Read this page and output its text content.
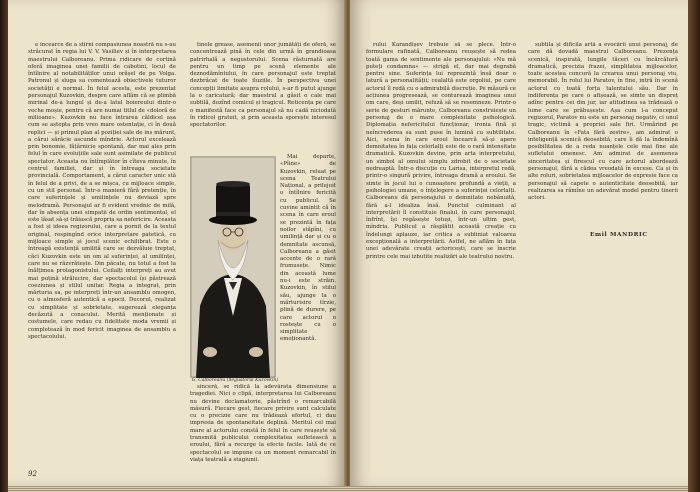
e încearce de a stîrni compasiunea noastră nu s-au străcurat în regia lui V. V. Vasiliev și în interpretarea maestrului Calboreanu. Prima ridicare de cortină oferă imaginea unei familii de cabotini, locul de întîlnire al notabilităților unui orășel de pe Volga. Patronul și sluga sa comentează obiectivele tuturor societății e normal. În felul acesta, este prezentat personajul Kuzovkin, despre care aflăm că se plimbă mirinal de-a lungul și de-a latul boiereului dintr-o veche moșie, pentru că are numai titlul de «doloră de milioane». Kuzovkin nu face întrarea căldicel așa cum se aștepta prin vreo mare ostentație, ci în două replici — și primul plan al poziției sale de ins mărunt, a cărui sărăcie ascunde mîndrie. Actorul excelează prin bonomie, fățărnicie spontană, dar mai ales prin felul în care evoluțiile sale sunt asimilate de publicul spectator. Aceasta nu întîmplător în cîteva minute, în centrul familiei, dar și în întreaga societate provincială. Comportament, a cărui caracter unic stă în felul de a privi, de a se mișca, cu mijloace simple, cu un stil personal. Într-o manieră fără pretenție, în care suferințele și umilințele nu deviază spre melodramă. Personajul ar fi evident vrednic de milă, dar în absența unei simpatii de ordin sentimental, el este lăsat să-și trăiască propria sa nefericire. Aceasta a fost și ideea regizorului, care a pornit de la textul original, respingînd orice interpretare patetică, cu mijloace simple și jocul scenic echilibrat. Este o întreagă existență umilită care se dezvăluie treptat, căci Kuzovkin este un om al suferinței, al umilinței, care nu se răzvrătește. Din păcate, nu totul a fost la înălțimea protagonistului. Ceilalți interpreți au avut mai puțină strălucire, dar spectacolul își păstrează coeziunea și stilul unitar. Regia a integrat, prin mărturia sa, pe interpreți într-un ansamblu omogen, cu o atmosferă autentică a epocii. Decorul, realizat cu simplitate și sobrietate, sugerează eleganța decăzută a conacului. Merită menționate și costumele, care redau cu fidelitate moda vremii și completează în mod fericit imaginea de ansamblu a spectacolului.

tinele grease, asemenii unor jumătăți de oferă, se concentrează pină în cele din urmă în grandioasa patrirhală a negustorului. Scena răsturnată are pentru un timp pe scenă elemente ale deznodămîntului, în care personajul este treptat dezbrăcat de toate iluziile. În perspectiva unei concepții limitate asupra rolului, s-ar fi putut ajunge la o caricatură; dar maestrul a găsit o cale mai subtilă, dozînd comicul și tragicul. Reticența pe care o manifestă face ca personajul să nu cadă niciodată în ridicol gratuit, și prin aceasta sporește interesul spectatorilor.

G. Calboreanu (negustorul Kuzovkin)

Mai departe, «Pîine» de Kuzovkin, reluat pe scena Teatrului Național, a prilejuit o întîlnire fericită cu publicul. Se cuvine amintit că în scena în care eroul se prezintă în fața noilor stăpîni, cu umilință dar și cu o demnitate ascunsă, Calboreanu a găsit accente de o rară frumusețe. Nimic din această lume nu-i este străin. Kuzovkin, în stilul său, ajunge la o mărturisire tîrzie, plină de durere, pe care actorul o rostește cu o simplitate emoționantă.

sinceră, se ridică la adevărata dimensiune a tragediei. Nici o clipă, interpretarea lui Calboreanu nu devine declamatorie, păstrînd o remarcabilă măsură. Fiecare gest, fiecare privire sunt calculate cu o precizie care nu trădează efortul, ci dau impresia de spontaneitate deplină. Meritul cel mai mare al actorului constă în felul în care reușește să transmită publicului complexitatea sufletească a eroului, fără a recurge la efecte facile. Iată de ce spectacolul se impune ca un moment remarcabil în viața teatrală a stagiunii.

92

rului Karandișev trebuie să se plece. Intr-o formulare rafinată, Calboreanu reușește să redea toată gama de sentimente ale personajului: «Nu mă puteți condamna» — strigă el, dar mai degrabă pentru sine. Suferința lui reprezintă însă doar o latură a personalității; cealaltă este orgoliul, pe care actorul îl redă cu o admirabilă discreție. Pe măsură ce acțiunea progresează, se conturează imaginea unui om care, deși umilit, refuză să se resemneze. Printr-o serie de gesturi mărunte, Calboreanu construiește un personaj de o mare complexitate psihologică. Diplomația nefericitului funcționar, ironia fină și neîncrederea sa sunt puse în lumină cu subtilitate. Aici, scena în care eroul încearcă să-și apere demnitatea în fața celorlalți este de o rară intensitate dramatică. Kuzovkin devine, prin arta interpretului, un simbol al omului simplu zdrobit de o societate nedreaptă. Într-o discuție cu Larisa, interpretul redă, printr-o singură privire, întreaga dramă a eroului. Se simte în jocul lui o cunoaștere profundă a vieții, a psihologiei umane, o înțelegere a suferinței celorlalți. Calboreanu dă personajului o demnitate nebănuită, fără a-l idealiza însă. Punctul culminant al interpretării îl constituie finalul, în care personajul, înfrînt, își regăsește totuși, într-un ultim gest, mîndria. Publicul a răsplătit această creație cu îndelungi aplauze, iar critica a subliniat valoarea excepțională a interpretării. Astfel, ne aflăm în fața unei adevărate creații actoricești, care se înscrie printre cele mai izbutite realizări ale teatrului nostru.

subtila și dificila artă a evocării unui personaj, de care dă dovadă maestrul Calboreanu. Prezența scenică, inspirată, lungile tăceri cu încărcătură dramatică, precizia frazei, simplitatea mijloacelor, toate acestea concură la crearea unui personaj viu, memorabil. În rolul lui Paratov, în fine, intră în scenă actorul cu toată forța talentului său. Dar în indiferența pe care o afișează, se simte un dispreț adînc pentru cei din jur, iar atitudinea sa trădează o lume care se prăbușește. Așa cum l-a conceput regizorul, Paratov nu este un personaj negativ, ci unul tragic, victimă a propriei sale firi. Urmărind pe Calboreanu în «Fata fără zestre», am admirat o inteligență scenică deosebită, care îi dă la îndemînă posibilitatea de a reda nuanțele cele mai fine ale sufletului omenesc. Am admirat de asemenea sinceritatea și firescul cu care actorul abordează personajul, fără a cădea vreodată în excese. Ca și în alte roluri, sobrietatea mijloacelor de expresie face ca personajul să capete o autenticitate deosebită, iar realizarea sa rămîne un adevărat model pentru tinerii actori.

Emil MANDRIC
